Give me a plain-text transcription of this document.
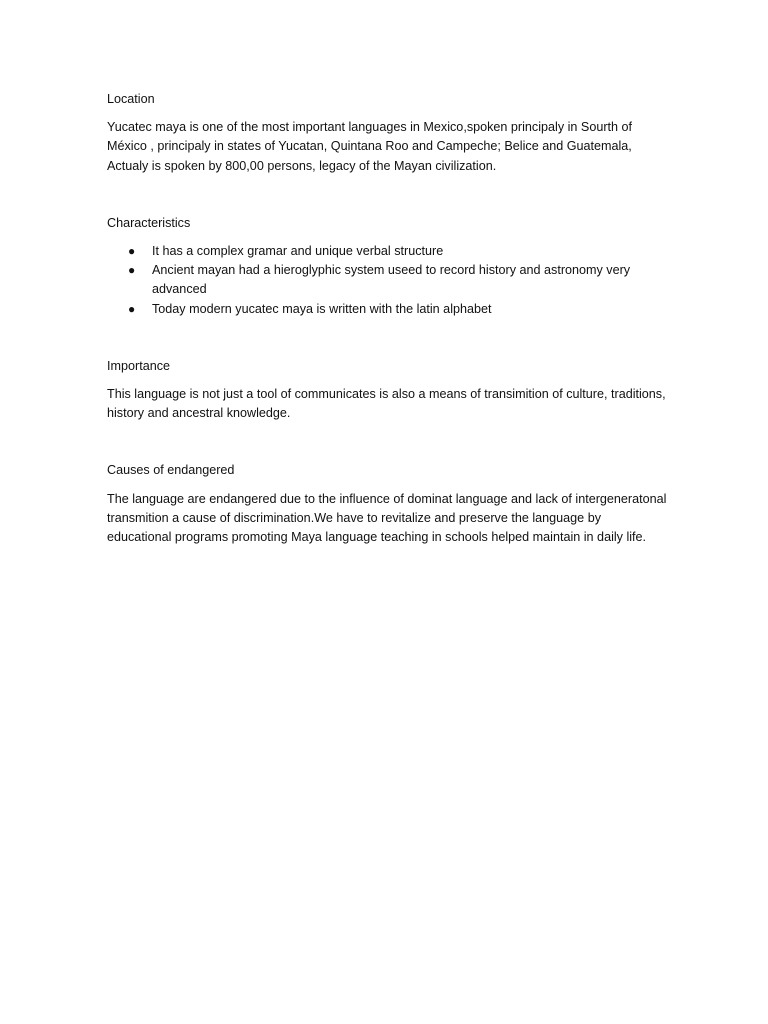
Location

Yucatec maya is one of the most important languages in Mexico,spoken principaly in Sourth of México , principaly in states of Yucatan, Quintana Roo and Campeche; Belice and Guatemala, Actualy is spoken by 800,00 persons, legacy of the Mayan civilization.

Characteristics

● It has a complex gramar and unique verbal structure
● Ancient mayan had a hieroglyphic system useed to record history and astronomy very advanced
● Today modern yucatec maya is written with the latin alphabet

Importance

This language is not just a tool of communicates is also a means of transimition of culture, traditions, history and ancestral knowledge.

Causes of endangered

The language are endangered due to the influence of dominat language and lack of intergeneratonal transmition a cause of discrimination.We have to revitalize and preserve the language by educational programs promoting Maya language teaching in schools helped maintain in daily life.
